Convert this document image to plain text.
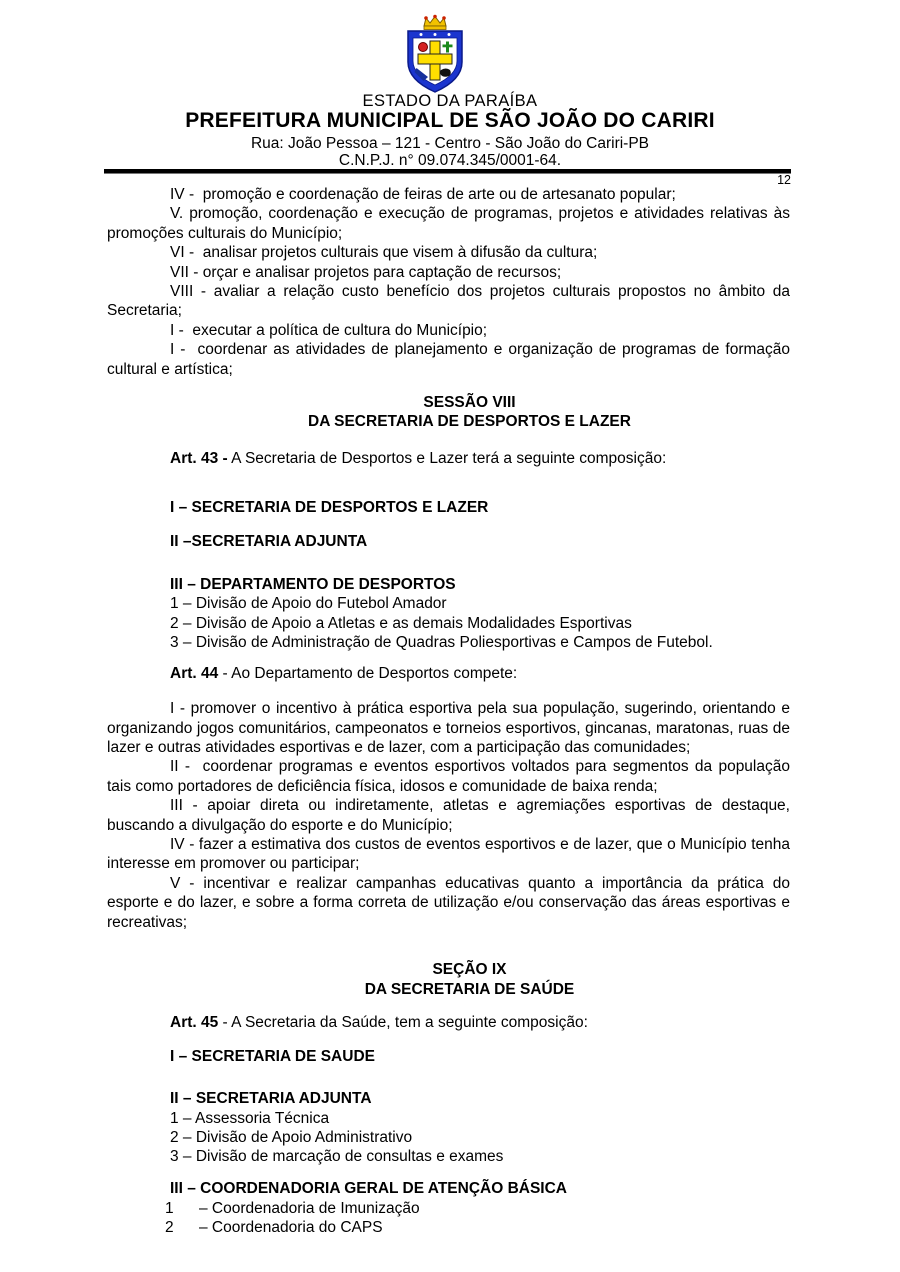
ESTADO DA PARAÍBA
PREFEITURA MUNICIPAL DE SÃO JOÃO DO CARIRI
Rua: João Pessoa – 121 - Centro - São João do Cariri-PB
C.N.P.J. n° 09.074.345/0001-64.
12
IV -  promoção e coordenação de feiras de arte ou de artesanato popular;
V. promoção, coordenação e execução de programas, projetos e atividades relativas às promoções culturais do Município;
VI -  analisar projetos culturais que visem à difusão da cultura;
VII - orçar e analisar projetos para captação de recursos;
VIII - avaliar a relação custo benefício dos projetos culturais propostos no âmbito da Secretaria;
I -  executar a política de cultura do Município;
I -  coordenar as atividades de planejamento e organização de programas de formação cultural e artística;
SESSÃO VIII
DA SECRETARIA DE DESPORTOS E LAZER
Art. 43 - A Secretaria de Desportos e Lazer terá a seguinte composição:
I – SECRETARIA DE DESPORTOS E LAZER
II –SECRETARIA ADJUNTA
III – DEPARTAMENTO DE DESPORTOS
1 – Divisão de Apoio do Futebol Amador
2 – Divisão de Apoio a Atletas e as demais Modalidades Esportivas
3 – Divisão de Administração de Quadras Poliesportivas e Campos de Futebol.
Art. 44 - Ao Departamento de Desportos compete:
I - promover o incentivo à prática esportiva pela sua população, sugerindo, orientando e organizando jogos comunitários, campeonatos e torneios esportivos, gincanas, maratonas, ruas de lazer e outras atividades esportivas e de lazer, com a participação das comunidades;
II -  coordenar programas e eventos esportivos voltados para segmentos da população tais como portadores de deficiência física, idosos e comunidade de baixa renda;
III - apoiar direta ou indiretamente, atletas e agremiações esportivas de destaque, buscando a divulgação do esporte e do Município;
IV - fazer a estimativa dos custos de eventos esportivos e de lazer, que o Município tenha interesse em promover ou participar;
V - incentivar e realizar campanhas educativas quanto a importância da prática do esporte e do lazer, e sobre a forma correta de utilização e/ou conservação das áreas esportivas e recreativas;
SEÇÃO IX
DA SECRETARIA DE SAÚDE
Art. 45 - A Secretaria da Saúde, tem a seguinte composição:
I – SECRETARIA DE SAUDE
II – SECRETARIA ADJUNTA
1 – Assessoria Técnica
2 – Divisão de Apoio Administrativo
3 – Divisão de marcação de consultas e exames
III – COORDENADORIA GERAL DE ATENÇÃO BÁSICA
1 – Coordenadoria de Imunização
2 – Coordenadoria do CAPS
